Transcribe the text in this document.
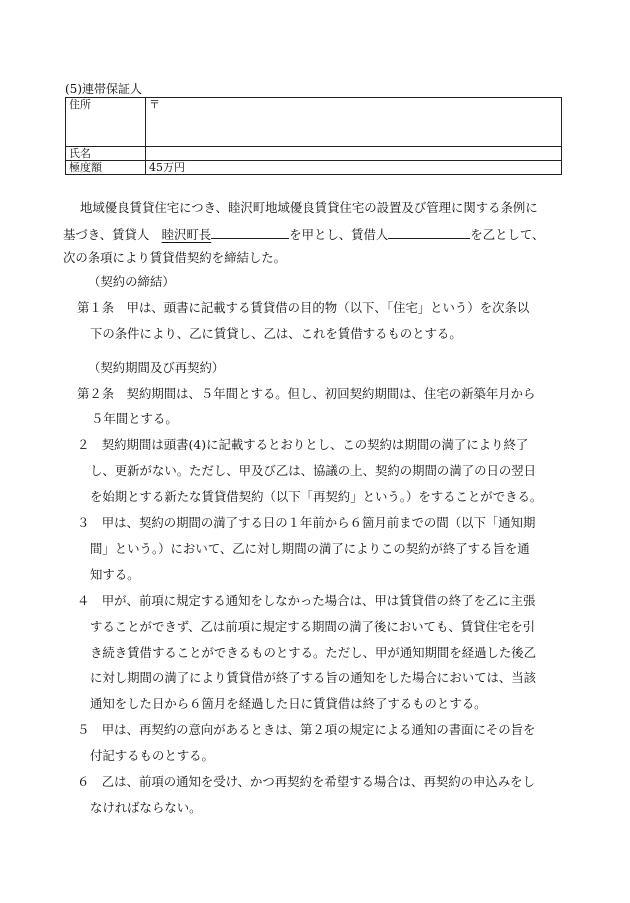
(5)連帯保証人
住所	〒
氏名	
極度額	45万円
地域優良賃貸住宅につき、睦沢町地域優良賃貸住宅の設置及び管理に関する条例に
基づき、賃貸人　睦沢町長	を甲とし、賃借人	を乙として、
次の条項により賃貸借契約を締結した。
（契約の締結）
第１条　甲は、頭書に記載する賃貸借の目的物（以下、「住宅」という）を次条以
下の条件により、乙に賃貸し、乙は、これを賃借するものとする。
（契約期間及び再契約）
第２条　契約期間は、５年間とする。但し、初回契約期間は、住宅の新築年月から
５年間とする。
２　契約期間は頭書(4)に記載するとおりとし、この契約は期間の満了により終了
し、更新がない。ただし、甲及び乙は、協議の上、契約の期間の満了の日の翌日
を始期とする新たな賃貸借契約（以下「再契約」という。）をすることができる。
３　甲は、契約の期間の満了する日の１年前から６箇月前までの間（以下「通知期
間」という。）において、乙に対し期間の満了によりこの契約が終了する旨を通
知する。
４　甲が、前項に規定する通知をしなかった場合は、甲は賃貸借の終了を乙に主張
することができず、乙は前項に規定する期間の満了後においても、賃貸住宅を引
き続き賃借することができるものとする。ただし、甲が通知期間を経過した後乙
に対し期間の満了により賃貸借が終了する旨の通知をした場合においては、当該
通知をした日から６箇月を経過した日に賃貸借は終了するものとする。
５　甲は、再契約の意向があるときは、第２項の規定による通知の書面にその旨を
付記するものとする。
６　乙は、前項の通知を受け、かつ再契約を希望する場合は、再契約の申込みをし
なければならない。
